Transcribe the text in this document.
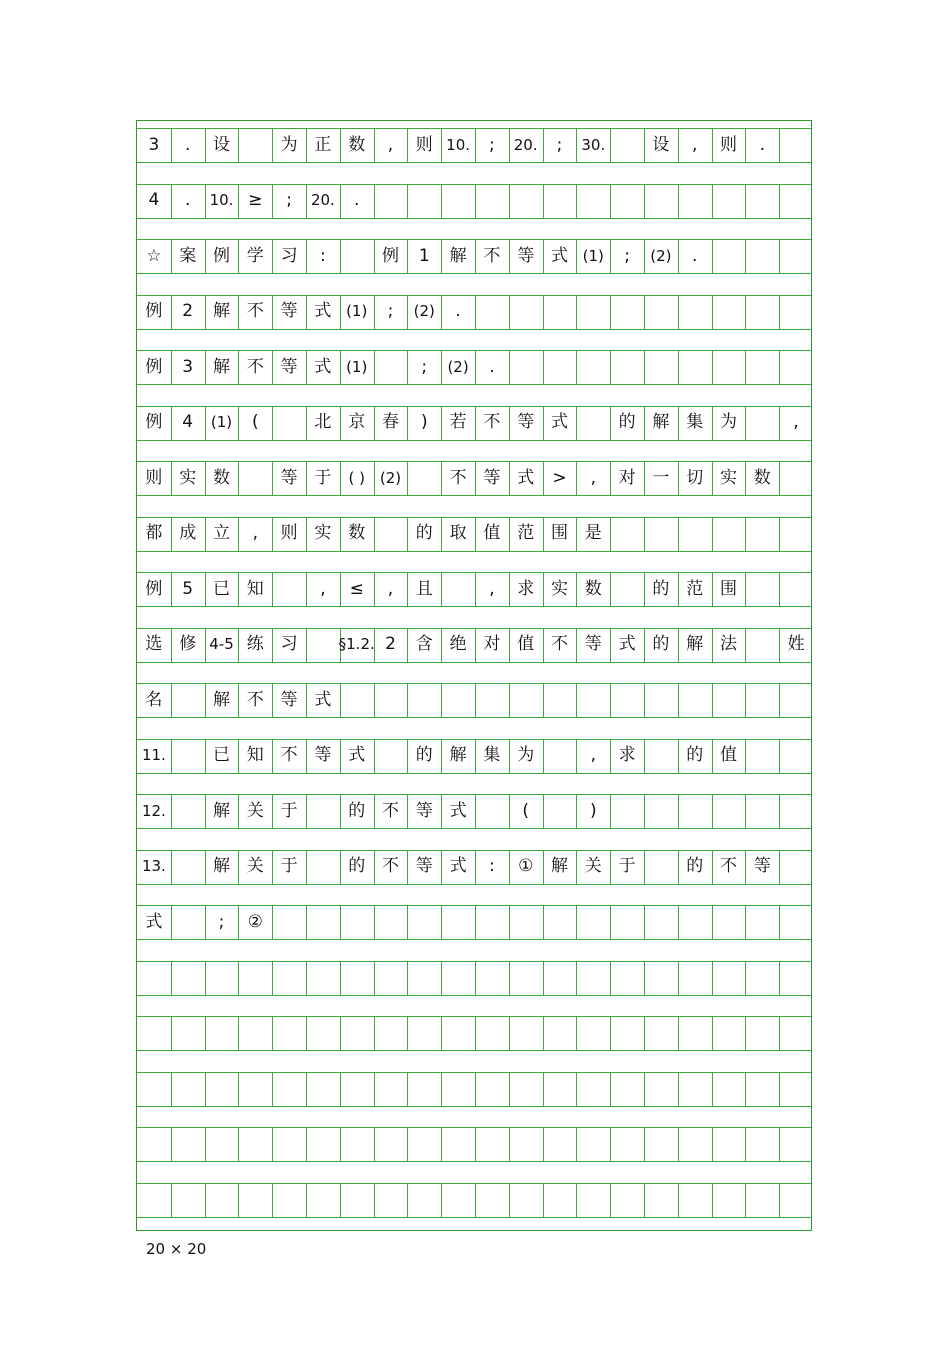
3	.	设	为 正 数	,	则 10.	;	20.	;	30.	设	,	则	.
4	.	10. ≥	;	20.	.
☆	案 例 学 习	:	例	1	解 不 等 式 (1)	;	(2)	.
例	2	解 不 等 式 (1)	;	(2)	.
例	3	解 不 等 式 (1)	;	(2)	.
例	4	(1)	(	北 京 春	)	若 不 等 式	的 解 集 为	,
则 实 数	等 于	( ) (2)	不 等 式	>	,	对 一 切 实 数
都 成 立	,	则 实 数	的 取 值 范 围 是
例	5	已 知	,	≤	,	且	,	求 实 数	的 范 围
选 修 4-5 练 习	§1.2. 2	含 绝 对 值 不 等 式 的 解 法	姓
名	解 不 等 式
11.	已 知 不 等 式	的 解 集 为	,	求	的 值
12.	解 关 于	的 不 等 式	(	)
13.	解 关 于	的 不 等 式	:	①	解 关 于	的 不 等
式	;	②
20 × 20
